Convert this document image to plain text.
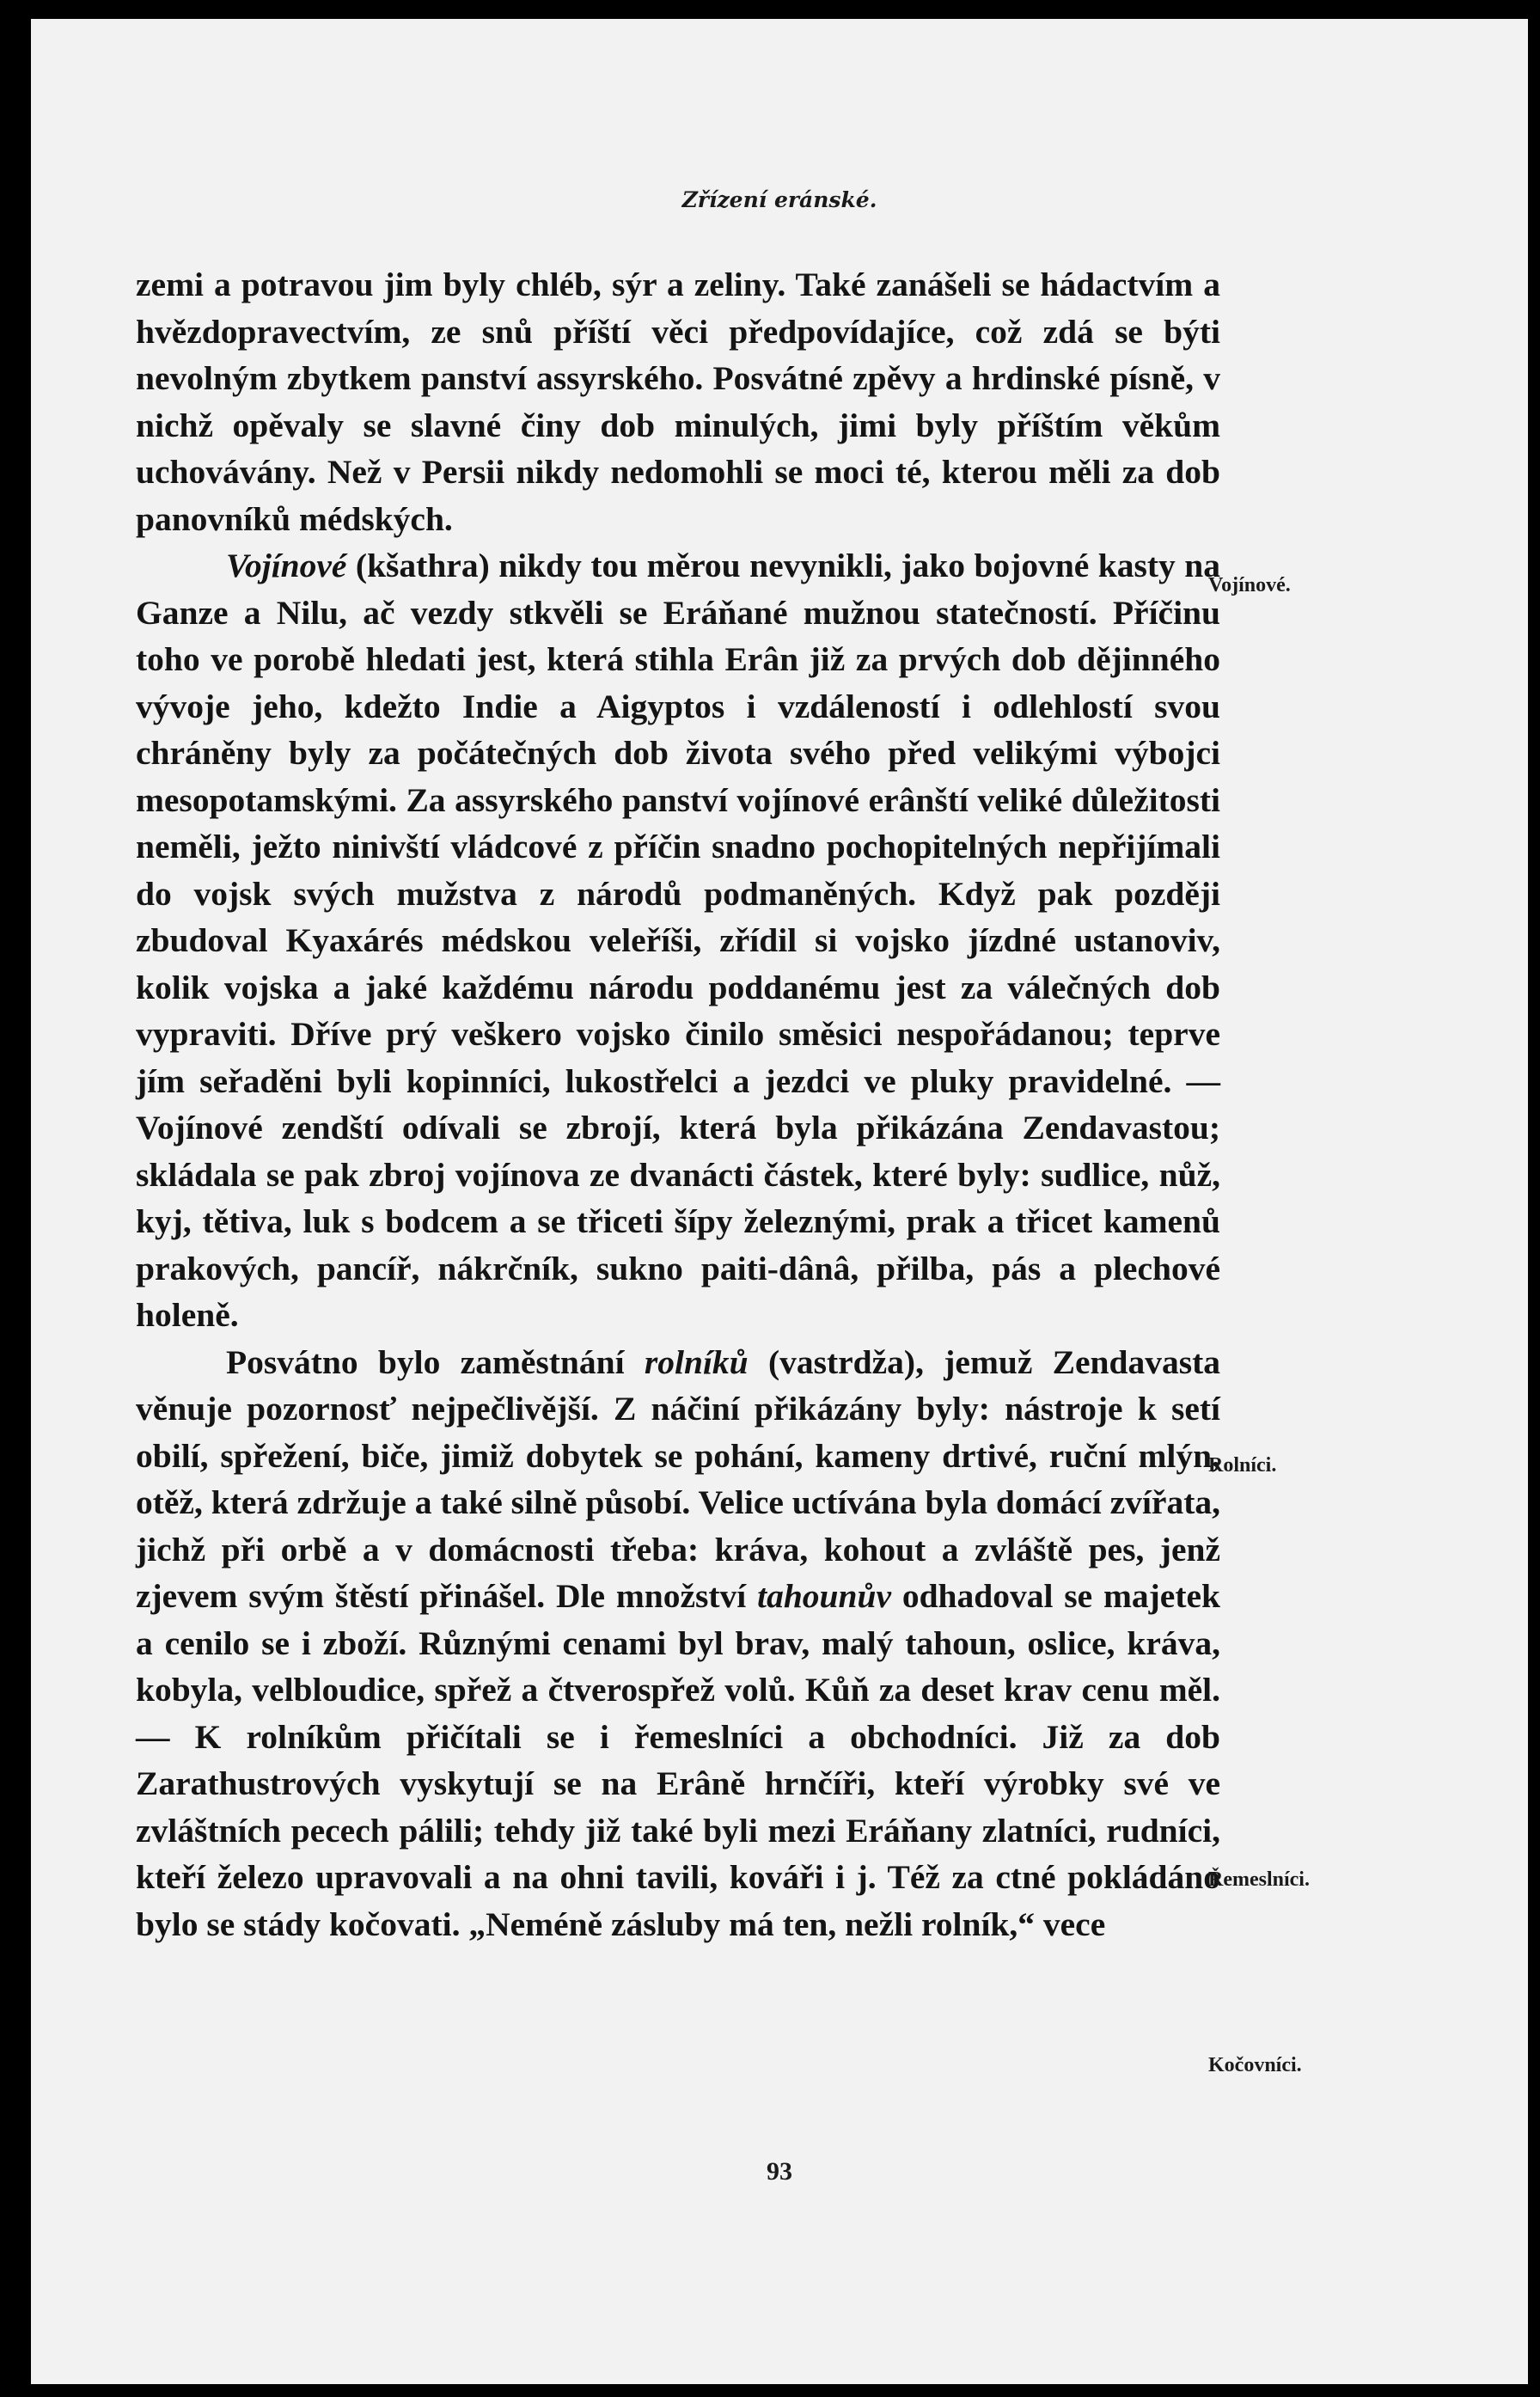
Zřízení eránské.

zemi a potravou jim byly chléb, sýr a zeliny. Také zanášeli se hádactvím a hvězdopravectvím, ze snů příští věci předpovídajíce, což zdá se býti nevolným zbytkem panství assyrského. Posvátné zpěvy a hrdinské písně, v nichž opěvaly se slavné činy dob minulých, jimi byly příštím věkům uchovávány. Než v Persii nikdy nedomohli se moci té, kterou měli za dob panovníků médských.

Vojínové (kšathra) nikdy tou měrou nevynikli, jako bojovné kasty na Ganze a Nilu, ač vezdy stkvěli se Eráňané mužnou statečností. Příčinu toho ve porobě hledati jest, která stihla Erân již za prvých dob dějinného vývoje jeho, kdežto Indie a Aigyptos i vzdáleností i odlehlostí svou chráněny byly za počátečných dob života svého před velikými výbojci mesopotamskými. Za assyrského panství vojínové erânští veliké důležitosti neměli, ježto ninivští vládcové z příčin snadno pochopitelných nepřijímali do vojsk svých mužstva z národů podmaněných. Když pak později zbudoval Kyaxárés médskou veleříši, zřídil si vojsko jízdné ustanoviv, kolik vojska a jaké každému národu poddanému jest za válečných dob vypraviti. Dříve prý veškero vojsko činilo směsici nespořádanou; teprve jím seřaděni byli kopinníci, lukostřelci a jezdci ve pluky pravidelné. — Vojínové zendští odívali se zbrojí, která byla přikázána Zendavastou; skládala se pak zbroj vojínova ze dvanácti částek, které byly: sudlice, nůž, kyj, tětiva, luk s bodcem a se třiceti šípy železnými, prak a třicet kamenů prakových, pancíř, nákrčník, sukno paiti-dânâ, přilba, pás a plechové holeně.

Posvátno bylo zaměstnání rolníků (vastrdža), jemuž Zendavasta věnuje pozornosť nejpečlivější. Z náčiní přikázány byly: nástroje k setí obilí, spřežení, biče, jimiž dobytek se pohání, kameny drtivé, ruční mlýn, otěž, která zdržuje a také silně působí. Velice uctívána byla domácí zvířata, jichž při orbě a v domácnosti třeba: kráva, kohout a zvláště pes, jenž zjevem svým štěstí přinášel. Dle množství tahounův odhadoval se majetek a cenilo se i zboží. Různými cenami byl brav, malý tahoun, oslice, kráva, kobyla, velbloudice, spřež a čtverospřež volů. Kůň za deset krav cenu měl. — K rolníkům přičítali se i řemeslníci a obchodníci. Již za dob Zarathustrových vyskytují se na Erâně hrnčíři, kteří výrobky své ve zvláštních pecech pálili; tehdy již také byli mezi Eráňany zlatníci, rudníci, kteří železo upravovali a na ohni tavili, kováři i j. Též za ctné pokládáno bylo se stády kočovati. „Neméně zásluby má ten, nežli rolník,“ vece

Vojínové.
Rolníci.
Řemeslníci.
Kočovníci.
93
